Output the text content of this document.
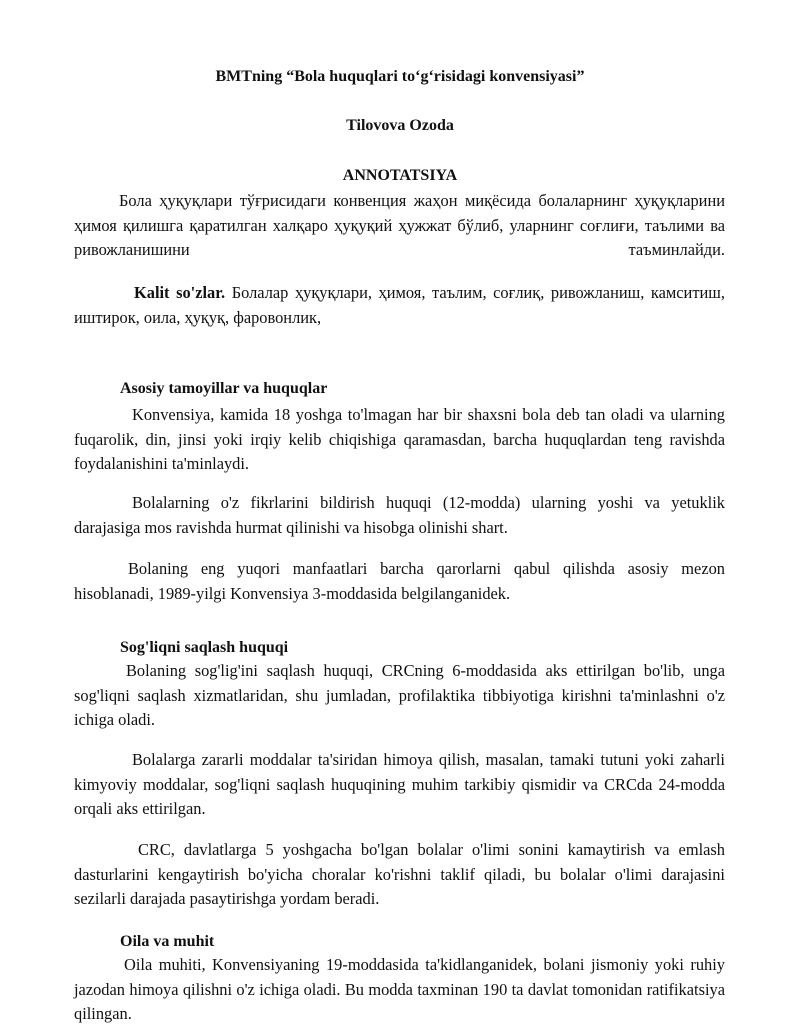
BMTning “Bola huquqlari to‘g‘risidagi konvensiyasi”
Tilovova Ozoda
ANNOTATSIYA

Бола ҳуқуқлари тўғрисидаги конвенция жаҳон миқёсида болаларнинг ҳуқуқларини ҳимоя қилишга қаратилган халқаро ҳуқуқий ҳужжат бўлиб, уларнинг соғлиғи, таълими ва ривожланишини таъминлайди.

Kalit so'zlar. Болалар ҳуқуқлари, ҳимоя, таълим, соғлиқ, ривожланиш, камситиш, иштирок, оила, ҳуқуқ, фаровонлик,

Asosiy tamoyillar va huquqlar

Konvensiya, kamida 18 yoshga to'lmagan har bir shaxsni bola deb tan oladi va ularning fuqarolik, din, jinsi yoki irqiy kelib chiqishiga qaramasdan, barcha huquqlardan teng ravishda foydalanishini ta'minlaydi.

Bolalarning o'z fikrlarini bildirish huquqi (12-modda) ularning yoshi va yetuklik darajasiga mos ravishda hurmat qilinishi va hisobga olinishi shart.

Bolaning eng yuqori manfaatlari barcha qarorlarni qabul qilishda asosiy mezon hisoblanadi, 1989-yilgi Konvensiya 3-moddasida belgilanganidek.

Sog'liqni saqlash huquqi

Bolaning sog'lig'ini saqlash huquqi, CRCning 6-moddasida aks ettirilgan bo'lib, unga sog'liqni saqlash xizmatlaridan, shu jumladan, profilaktika tibbiyotiga kirishni ta'minlashni o'z ichiga oladi.

Bolalarga zararli moddalar ta'siridan himoya qilish, masalan, tamaki tutuni yoki zaharli kimyoviy moddalar, sog'liqni saqlash huquqining muhim tarkibiy qismidir va CRCda 24-modda orqali aks ettirilgan.

CRC, davlatlarga 5 yoshgacha bo'lgan bolalar o'limi sonini kamaytirish va emlash dasturlarini kengaytirish bo'yicha choralar ko'rishni taklif qiladi, bu bolalar o'limi darajasini sezilarli darajada pasaytirishga yordam beradi.

Oila va muhit

Oila muhiti, Konvensiyaning 19-moddasida ta'kidlanganidek, bolani jismoniy yoki ruhiy jazodan himoya qilishni o'z ichiga oladi. Bu modda taxminan 190 ta davlat tomonidan ratifikatsiya qilingan.
